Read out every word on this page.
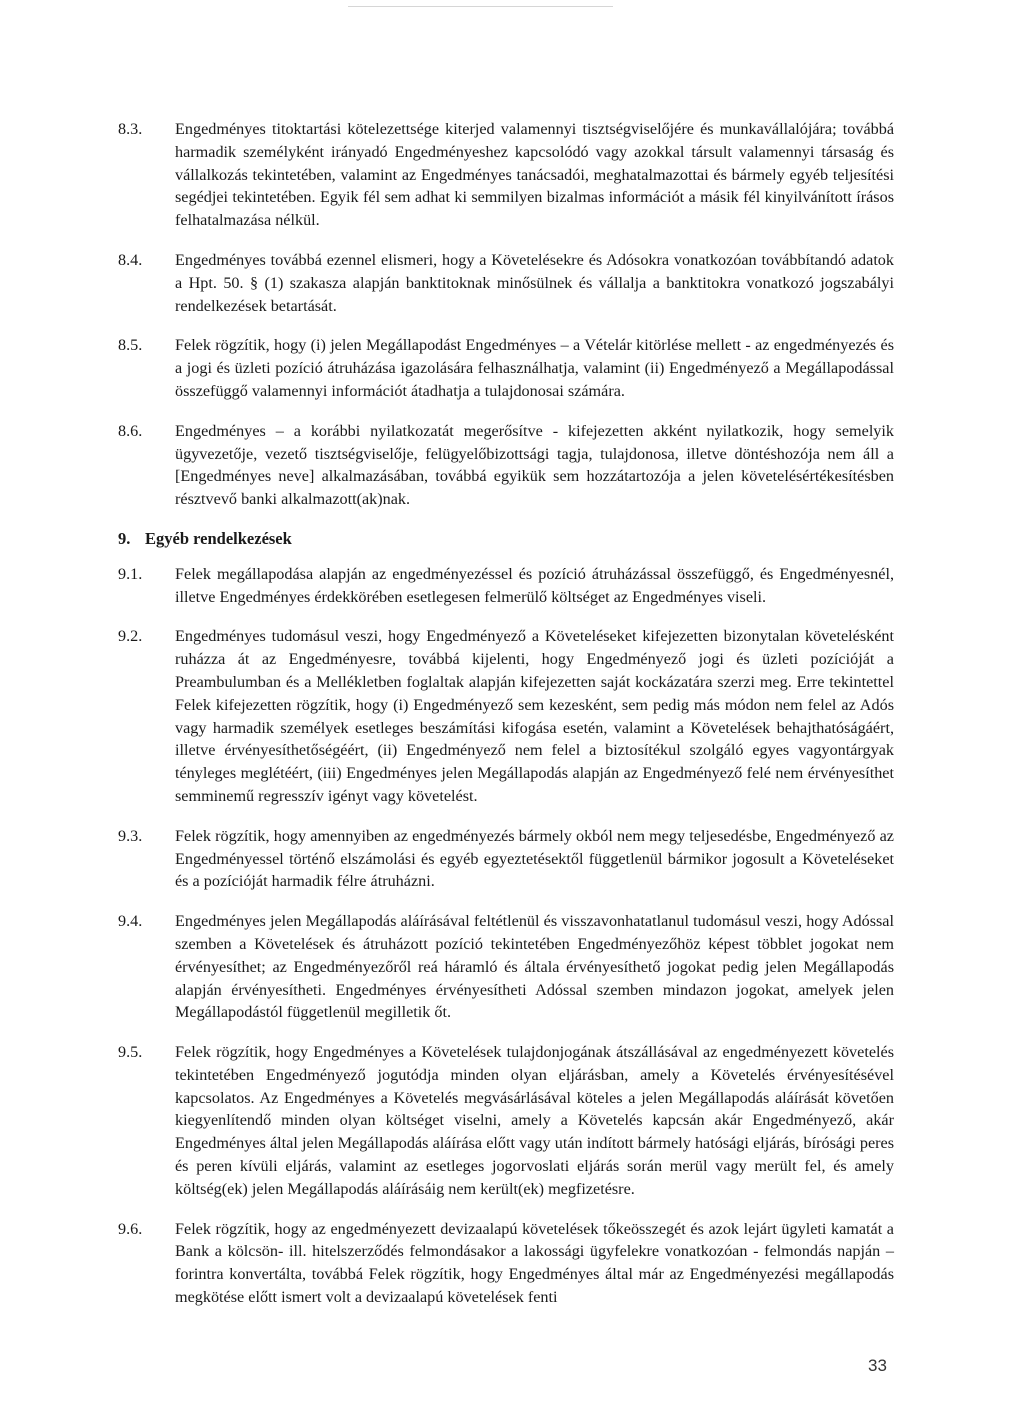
8.3.	Engedményes titoktartási kötelezettsége kiterjed valamennyi tisztségviselőjére és munkavállalójára; továbbá harmadik személyként irányadó Engedményeshez kapcsolódó vagy azokkal társult valamennyi társaság és vállalkozás tekintetében, valamint az Engedményes tanácsadói, meghatalmazottai és bármely egyéb teljesítési segédjei tekintetében. Egyik fél sem adhat ki semmilyen bizalmas információt a másik fél kinyilvánított írásos felhatalmazása nélkül.
8.4.	Engedményes továbbá ezennel elismeri, hogy a Követelésekre és Adósokra vonatkozóan továbbítandó adatok a Hpt. 50. § (1) szakasza alapján banktitoknak minősülnek és vállalja a banktitokra vonatkozó jogszabályi rendelkezések betartását.
8.5.	Felek rögzítik, hogy (i) jelen Megállapodást Engedményes – a Vételár kitörlése mellett - az engedményezés és a jogi és üzleti pozíció átruházása igazolására felhasználhatja, valamint (ii) Engedményező a Megállapodással összefüggő valamennyi információt átadhatja a tulajdonosai számára.
8.6.	Engedményes – a korábbi nyilatkozatát megerősítve - kifejezetten akként nyilatkozik, hogy semelyik ügyvezetője, vezető tisztségviselője, felügyelőbizottsági tagja, tulajdonosa, illetve döntéshozója nem áll a [Engedményes neve] alkalmazásában, továbbá egyikük sem hozzátartozója a jelen követelésértékesítésben résztvevő banki alkalmazott(ak)nak.
9. Egyéb rendelkezések
9.1.	Felek megállapodása alapján az engedményezéssel és pozíció átruházással összefüggő, és Engedményesnél, illetve Engedményes érdekkörében esetlegesen felmerülő költséget az Engedményes viseli.
9.2.	Engedményes tudomásul veszi, hogy Engedményező a Követeléseket kifejezetten bizonytalan követelésként ruházza át az Engedményesre, továbbá kijelenti, hogy Engedményező jogi és üzleti pozícióját a Preambulumban és a Mellékletben foglaltak alapján kifejezetten saját kockázatára szerzi meg. Erre tekintettel Felek kifejezetten rögzítik, hogy (i) Engedményező sem kezesként, sem pedig más módon nem felel az Adós vagy harmadik személyek esetleges beszámítási kifogása esetén, valamint a Követelések behajthatóságáért, illetve érvényesíthetőségéért, (ii) Engedményező nem felel a biztosítékul szolgáló egyes vagyontárgyak tényleges meglétéért, (iii) Engedményes jelen Megállapodás alapján az Engedményező felé nem érvényesíthet semminemű regresszív igényt vagy követelést.
9.3.	Felek rögzítik, hogy amennyiben az engedményezés bármely okból nem megy teljesedésbe, Engedményező az Engedményessel történő elszámolási és egyéb egyeztetésektől függetlenül bármikor jogosult a Követeléseket és a pozícióját harmadik félre átruházni.
9.4.	Engedményes jelen Megállapodás aláírásával feltétlenül és visszavonhatatlanul tudomásul veszi, hogy Adóssal szemben a Követelések és átruházott pozíció tekintetében Engedményezőhöz képest többlet jogokat nem érvényesíthet; az Engedményezőről reá háramló és általa érvényesíthető jogokat pedig jelen Megállapodás alapján érvényesítheti. Engedményes érvényesítheti Adóssal szemben mindazon jogokat, amelyek jelen Megállapodástól függetlenül megilletik őt.
9.5.	Felek rögzítik, hogy Engedményes a Követelések tulajdonjogának átszállásával az engedményezett követelés tekintetében Engedményező jogutódja minden olyan eljárásban, amely a Követelés érvényesítésével kapcsolatos. Az Engedményes a Követelés megvásárlásával köteles a jelen Megállapodás aláírását követően kiegyenlítendő minden olyan költséget viselni, amely a Követelés kapcsán akár Engedményező, akár Engedményes által jelen Megállapodás aláírása előtt vagy után indított bármely hatósági eljárás, bírósági peres és peren kívüli eljárás, valamint az esetleges jogorvoslati eljárás során merül vagy merült fel, és amely költség(ek) jelen Megállapodás aláírásáig nem került(ek) megfizetésre.
9.6.	Felek rögzítik, hogy az engedményezett devizaalapú követelések tőkeösszegét és azok lejárt ügyleti kamatát a Bank a kölcsön- ill. hitelszerződés felmondásakor a lakossági ügyfelekre vonatkozóan - felmondás napján – forintra konvertálta, továbbá Felek rögzítik, hogy Engedményes által már az Engedményezési megállapodás megkötése előtt ismert volt a devizaalapú követelések fenti
33
